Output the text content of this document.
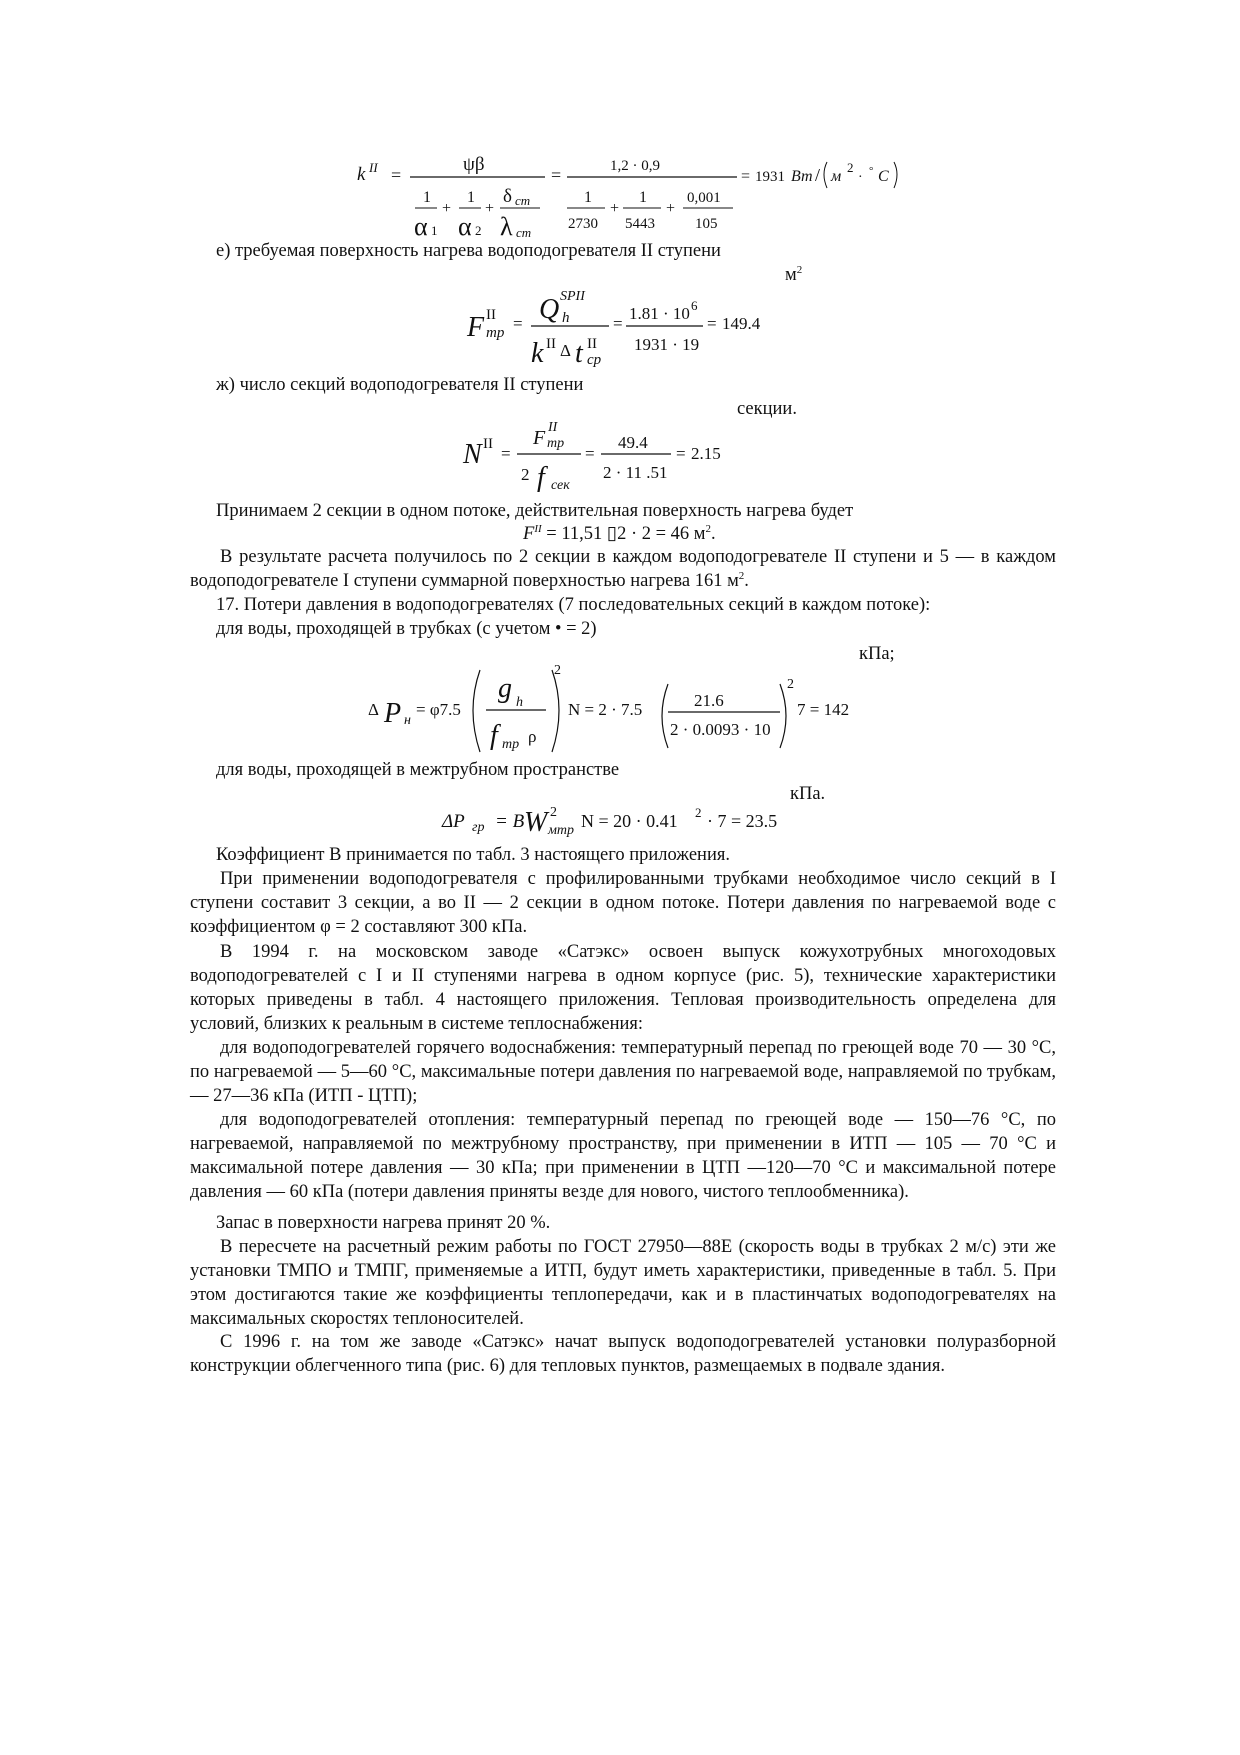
k II =	ψβ
1
α 1
+
1
α 2
+
δ ст
λ ст
=	1,2 · 0,9
1
2730
+
1
5443
+
0,001
105
= 1931 Вт / м
2
· ° С
е) требуемая поверхность нагрева водоподогревателя II ступени
$м^2$
F II
тр = Q SPII
h
k II Δ t II
ср
=
1.81 · 10 6
1931 · 19
= 149.4
ж) число секций водоподогревателя II ступени
секции.
N II =
F II
тр
2 f сек
=
49.4
2 · 11 .51
= 2.15
Принимаем 2 секции в одном потоке, действительная поверхность нагрева будет
$F^{II} = 11,51$ ▯2 · 2 = 46 $м^2$.
В результате расчета получилось по 2 секции в каждом водоподогревателе II ступени и 5 — в каждом водоподогревателе I ступени суммарной поверхностью нагрева 161 $м^2$.
17. Потери давления в водоподогревателях (7 последовательных секций в каждом потоке):
для воды, проходящей в трубках (с учетом • = 2)
кПа;
Δ P н
= φ7.5
g h
f тр ρ
2
N = 2 · 7.5	21.6
2 · 0.0093 · 10
2
7 = 142
для воды, проходящей в межтрубном пространстве
кПа.
ΔP гр = B W 2
мтр N = 20 · 0.41 2 · 7 = 23.5
Коэффициент В принимается по табл. 3 настоящего приложения.
При применении водоподогревателя с профилированными трубками необходимое число секций в I ступени составит 3 секции, а во II — 2 секции в одном потоке. Потери давления по нагреваемой воде с коэффициентом φ = 2 составляют 300 кПа.
В 1994 г. на московском заводе «Сатэкс» освоен выпуск кожухотрубных многоходовых водоподогревателей с I и II ступенями нагрева в одном корпусе (рис. 5), технические характеристики которых приведены в табл. 4 настоящего приложения. Тепловая производительность определена для условий, близких к реальным в системе теплоснабжения:
для водоподогревателей горячего водоснабжения: температурный перепад по греющей воде 70 — 30 °С, по нагреваемой — 5—60 °С, максимальные потери давления по нагреваемой воде, направляемой по трубкам, — 27—36 кПа (ИТП - ЦТП);
для водоподогревателей отопления: температурный перепад по греющей воде — 150—76 °С, по нагреваемой, направляемой по межтрубному пространству, при применении в ИТП — 105 — 70 °С и максимальной потере давления — 30 кПа; при применении в ЦТП —120—70 °С и максимальной потере давления — 60 кПа (потери давления приняты везде для нового, чистого теплообменника).
Запас в поверхности нагрева принят 20 %.
В пересчете на расчетный режим работы по ГОСТ 27950—88Е (скорость воды в трубках 2 м/с) эти же установки ТМПО и ТМПГ, применяемые а ИТП, будут иметь характеристики, приведенные в табл. 5. При этом достигаются такие же коэффициенты теплопередачи, как и в пластинчатых водоподогревателях на максимальных скоростях теплоносителей.
С 1996 г. на том же заводе «Сатэкс» начат выпуск водоподогревателей установки полуразборной конструкции облегченного типа (рис. 6) для тепловых пунктов, размещаемых в подвале здания.
